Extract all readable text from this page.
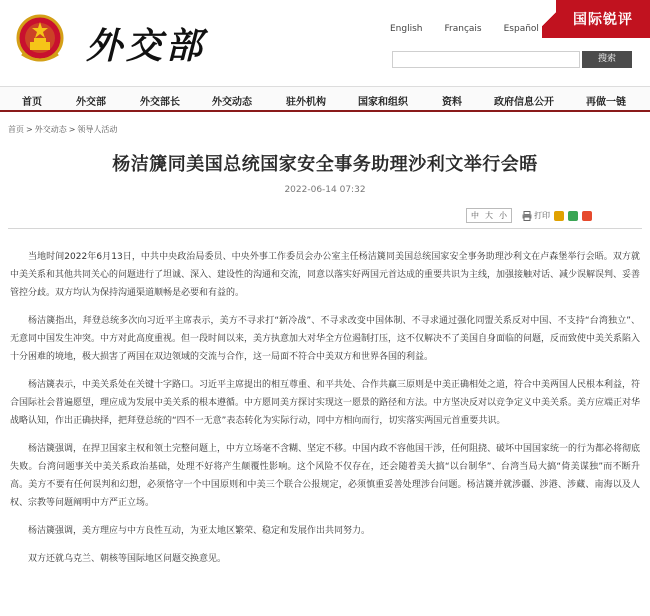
外交部	English Français Español
国际锐评
搜索
首页	外交部	外交部长	外交动态	驻外机构	国家和组织	资料	政府信息公开	再做一链
首页 > 外交动态 > 领导人活动
杨洁篪同美国总统国家安全事务助理沙利文举行会晤
2022-06-14 07:32
中 大 小	打印

当地时间2022年6月13日，中共中央政治局委员、中央外事工作委员会办公室主任杨洁篪同美国总统国家安全事务助理沙利文在卢森堡举行会晤。双方就中美关系和其他共同关心的问题进行了坦诚、深入、建设性的沟通和交流，同意以落实好两国元首达成的重要共识为主线，加强接触对话、减少误解误判、妥善管控分歧。双方均认为保持沟通渠道顺畅是必要和有益的。

杨洁篪指出，拜登总统多次向习近平主席表示，美方不寻求打“新冷战”、不寻求改变中国体制、不寻求通过强化同盟关系反对中国、不支持“台湾独立”、无意同中国发生冲突。中方对此高度重视。但一段时间以来，美方执意加大对华全方位遏制打压，这不仅解决不了美国自身面临的问题，反而致使中美关系陷入十分困难的境地，极大损害了两国在双边领域的交流与合作，这一局面不符合中美双方和世界各国的利益。

杨洁篪表示，中美关系处在关键十字路口。习近平主席提出的相互尊重、和平共处、合作共赢三原则是中美正确相处之道，符合中美两国人民根本利益，符合国际社会普遍愿望，理应成为发展中美关系的根本遵循。中方愿同美方探讨实现这一愿景的路径和方法。中方坚决反对以竞争定义中美关系。美方应端正对华战略认知，作出正确抉择，把拜登总统的“四不一无意”表态转化为实际行动，同中方相向而行，切实落实两国元首重要共识。

杨洁篪强调，在捍卫国家主权和领土完整问题上，中方立场毫不含糊、坚定不移。中国内政不容他国干涉，任何阻挠、破坏中国国家统一的行为都必将彻底失败。台湾问题事关中美关系政治基础，处理不好将产生颠覆性影响。这个风险不仅存在，还会随着美大搞“以台制华”、台湾当局大搞“倚美谋独”而不断升高。美方不要有任何误判和幻想，必须恪守一个中国原则和中美三个联合公报规定，必须慎重妥善处理涉台问题。杨洁篪并就涉疆、涉港、涉藏、南海以及人权、宗教等问题阐明中方严正立场。

杨洁篪强调，美方理应与中方良性互动，为亚太地区繁荣、稳定和发展作出共同努力。

双方还就乌克兰、朝核等国际地区问题交换意见。
